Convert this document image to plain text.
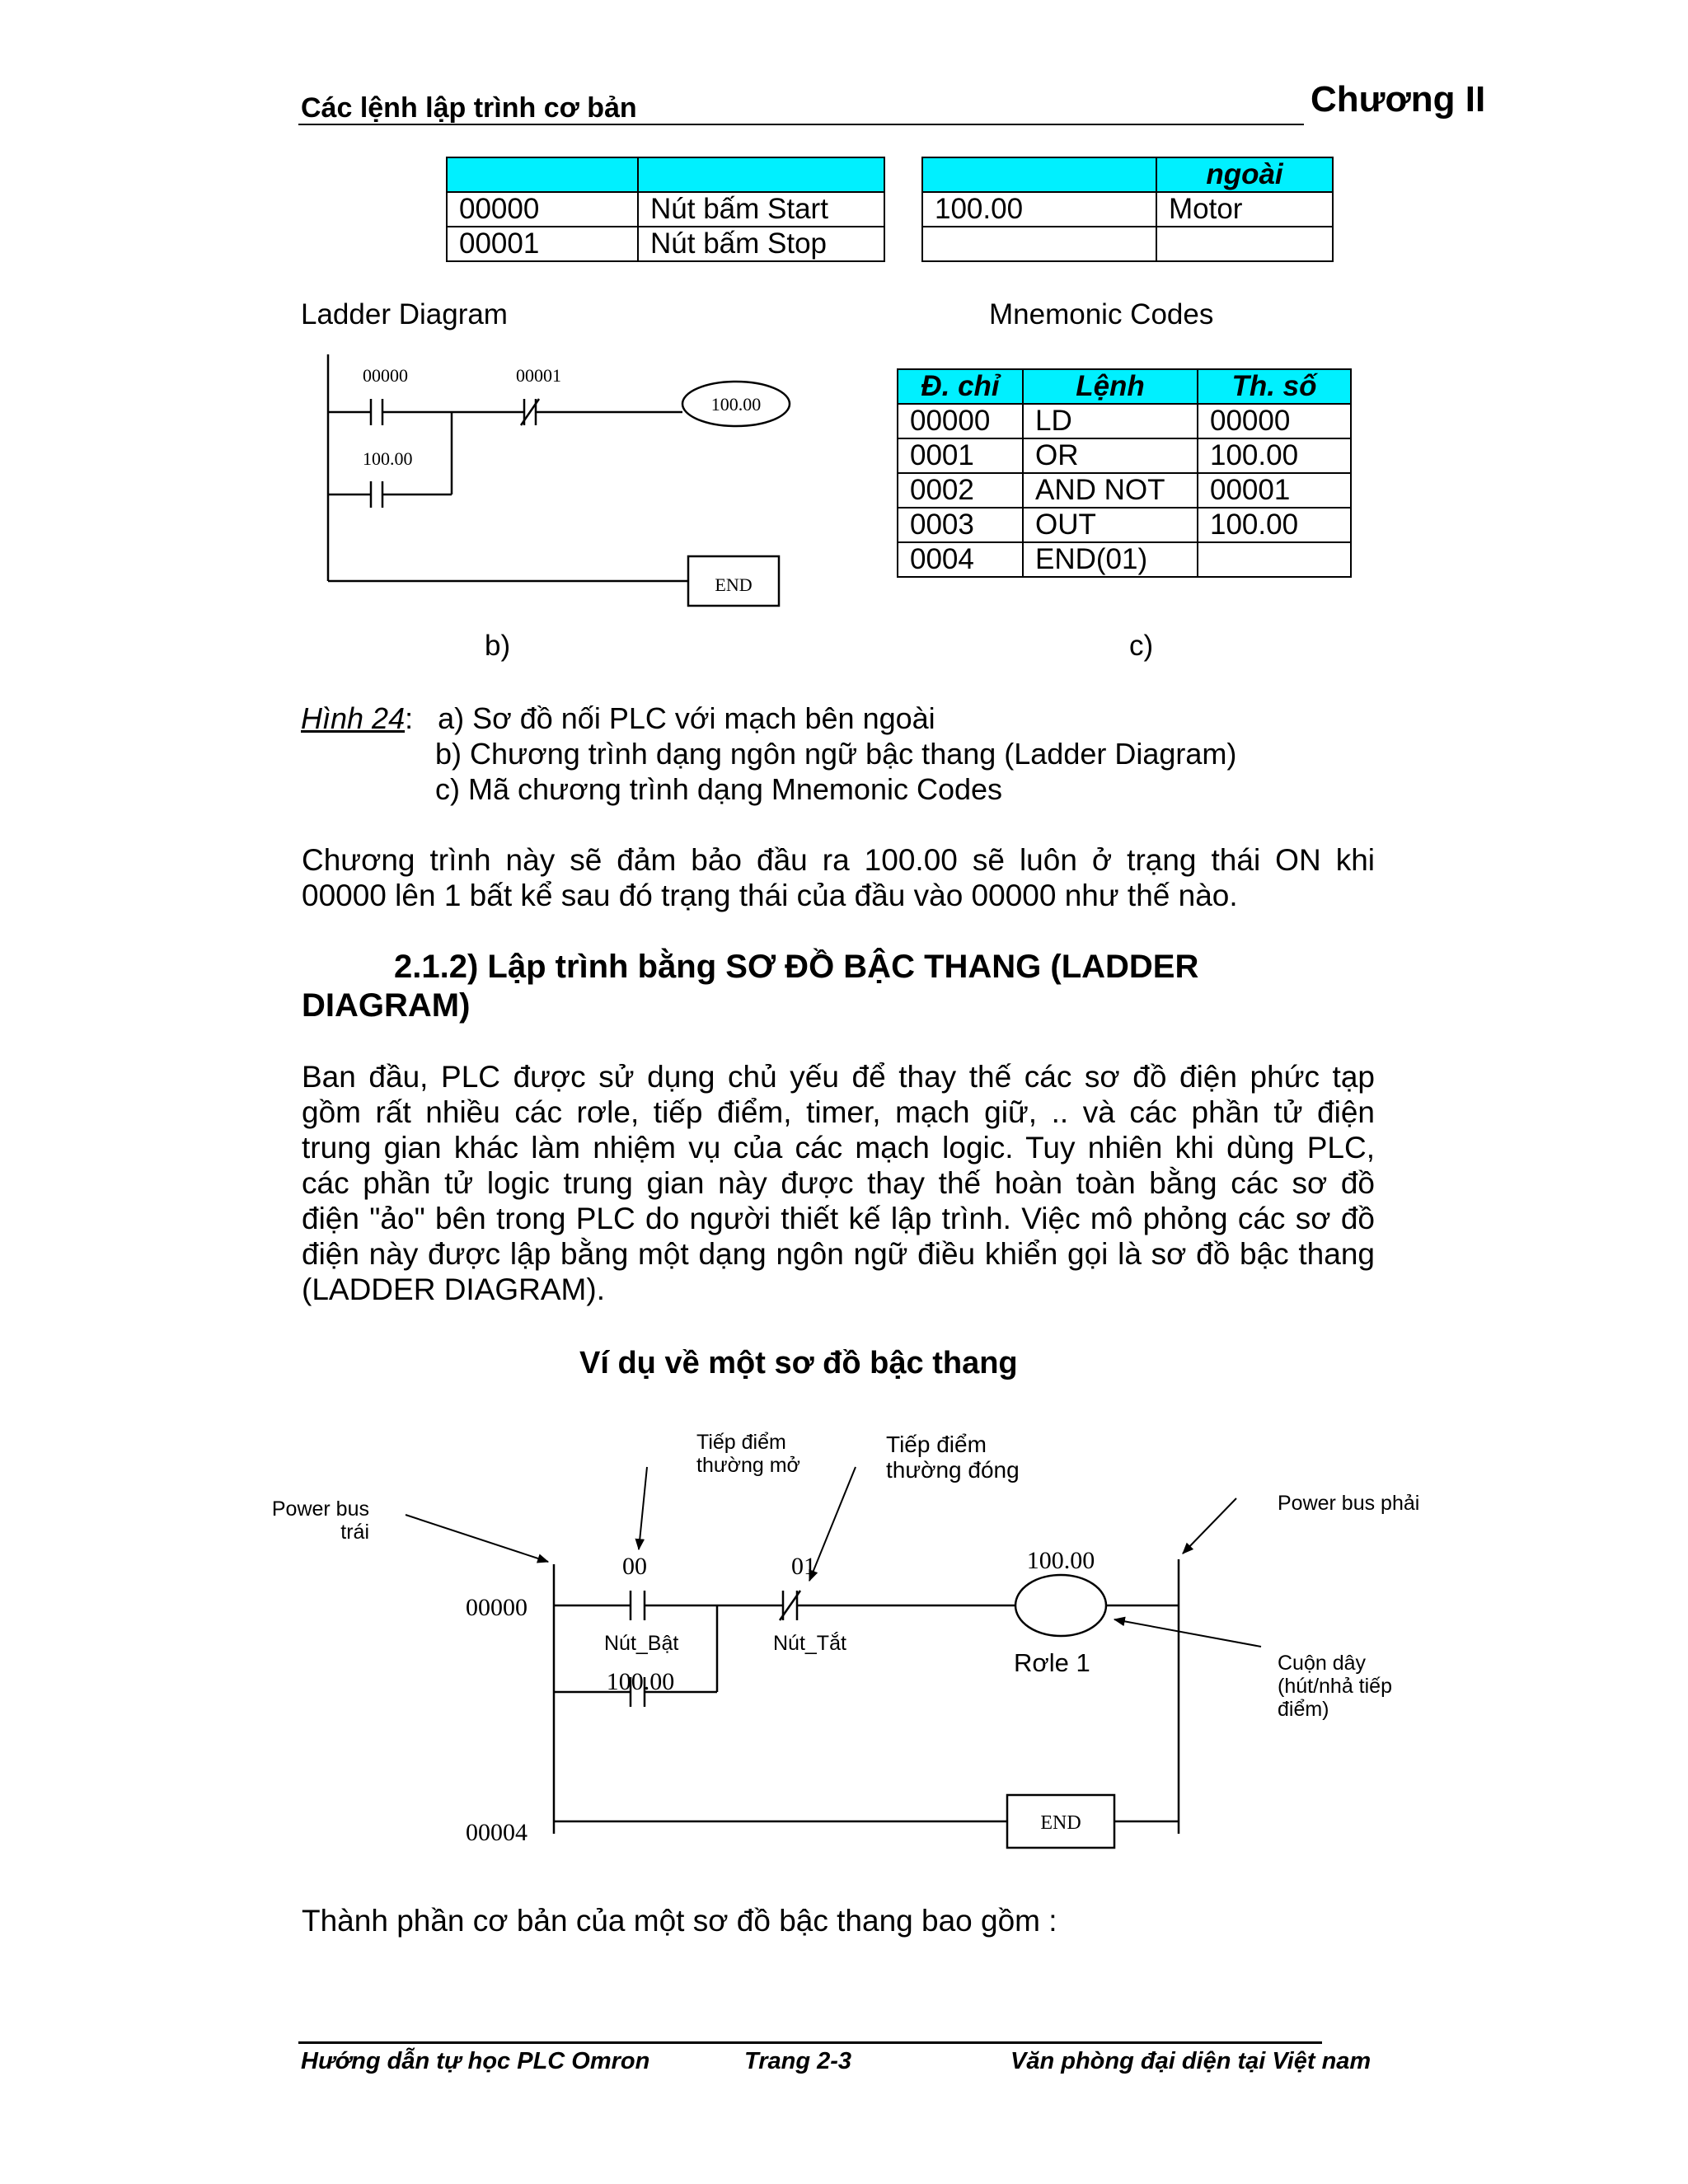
Các lệnh lập trình cơ bản	Chương II

00000	Nút bấm Start
00001	Nút bấm Stop
	ngoài
100.00	Motor

Ladder Diagram	Mnemonic Codes
00000	00001
100.00
100.00
END
Đ. chỉ	Lệnh	Th. số
00000	LD	00000
0001	OR	100.00
0002	AND NOT	00001
0003	OUT	100.00
0004	END(01)	
b)	c)
Hình 24: a) Sơ đồ nối PLC với mạch bên ngoài
b) Chương trình dạng ngôn ngữ bậc thang (Ladder Diagram)
c) Mã chương trình dạng Mnemonic Codes
Chương trình này sẽ đảm bảo đầu ra 100.00 sẽ luôn ở trạng thái ON khi
00000 lên 1 bất kể sau đó trạng thái của đầu vào 00000 như thế nào.
2.1.2) Lập trình bằng SƠ ĐỒ BẬC THANG (LADDER
DIAGRAM)
Ban đầu, PLC được sử dụng chủ yếu để thay thế các sơ đồ điện phức tạp
gồm rất nhiều các rơle, tiếp điểm, timer, mạch giữ, .. và các phần tử điện
trung gian khác làm nhiệm vụ của các mạch logic. Tuy nhiên khi dùng PLC,
các phần tử logic trung gian này được thay thế hoàn toàn bằng các sơ đồ
điện "ảo" bên trong PLC do người thiết kế lập trình. Việc mô phỏng các sơ đồ
điện này được lập bằng một dạng ngôn ngữ điều khiển gọi là sơ đồ bậc thang
(LADDER DIAGRAM).
Ví dụ về một sơ đồ bậc thang
Power bus
trái
Tiếp điểm
thường mở
Tiếp điểm
thường đóng
Power bus phải
Nút_Bật	Nút_Tắt
Rơle 1	Cuộn dây
(hút/nhả tiếp
điểm)
00000
00004
00	01
100.00
100.00
END
Thành phần cơ bản của một sơ đồ bậc thang bao gồm :
Hướng dẫn tự học PLC Omron	Trang 2-3	Văn phòng đại diện tại Việt nam
